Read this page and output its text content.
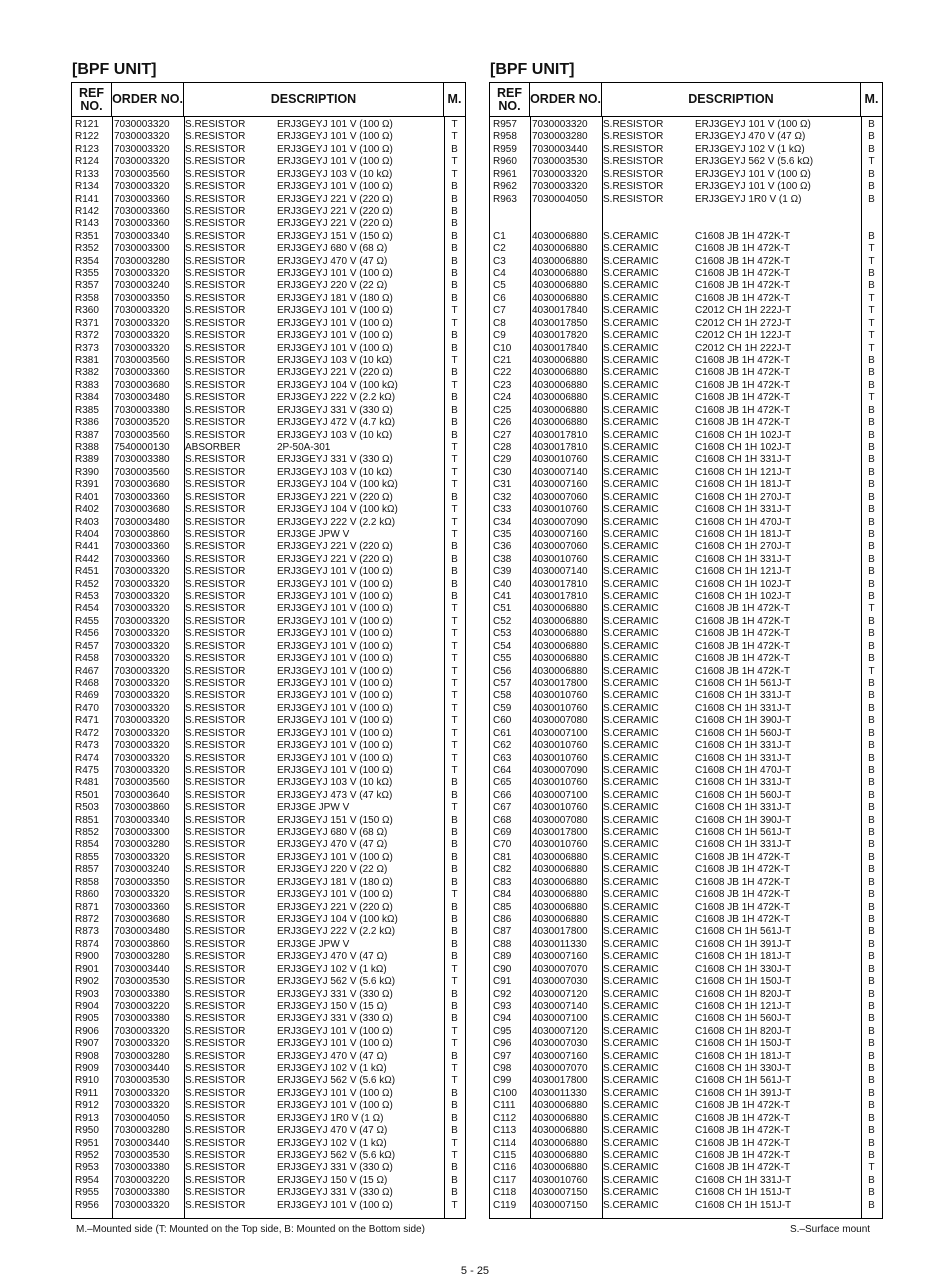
[BPF UNIT]	[BPF UNIT]
REF NO. ORDER NO.	DESCRIPTION	M.
R121 7030003320 S.RESISTOR	ERJ3GEYJ 101 V (100 Ω)	T
R122 7030003320 S.RESISTOR	ERJ3GEYJ 101 V (100 Ω)	T
R123 7030003320 S.RESISTOR	ERJ3GEYJ 101 V (100 Ω)	B
R124 7030003320 S.RESISTOR	ERJ3GEYJ 101 V (100 Ω)	T
R133 7030003560 S.RESISTOR	ERJ3GEYJ 103 V (10 kΩ)	T
R134 7030003320 S.RESISTOR	ERJ3GEYJ 101 V (100 Ω)	B
R141 7030003360 S.RESISTOR	ERJ3GEYJ 221 V (220 Ω)	B
R142 7030003360 S.RESISTOR	ERJ3GEYJ 221 V (220 Ω)	B
R143 7030003360 S.RESISTOR	ERJ3GEYJ 221 V (220 Ω)	B
R351 7030003340 S.RESISTOR	ERJ3GEYJ 151 V (150 Ω)	B
R352 7030003300 S.RESISTOR	ERJ3GEYJ 680 V (68 Ω)	B
R354 7030003280 S.RESISTOR	ERJ3GEYJ 470 V (47 Ω)	B
R355 7030003320 S.RESISTOR	ERJ3GEYJ 101 V (100 Ω)	B
R357 7030003240 S.RESISTOR	ERJ3GEYJ 220 V (22 Ω)	B
R358 7030003350 S.RESISTOR	ERJ3GEYJ 181 V (180 Ω)	B
R360 7030003320 S.RESISTOR	ERJ3GEYJ 101 V (100 Ω)	T
R371 7030003320 S.RESISTOR	ERJ3GEYJ 101 V (100 Ω)	T
R372 7030003320 S.RESISTOR	ERJ3GEYJ 101 V (100 Ω)	B
R373 7030003320 S.RESISTOR	ERJ3GEYJ 101 V (100 Ω)	B
R381 7030003560 S.RESISTOR	ERJ3GEYJ 103 V (10 kΩ)	T
R382 7030003360 S.RESISTOR	ERJ3GEYJ 221 V (220 Ω)	B
R383 7030003680 S.RESISTOR	ERJ3GEYJ 104 V (100 kΩ)	T
R384 7030003480 S.RESISTOR	ERJ3GEYJ 222 V (2.2 kΩ)	B
R385 7030003380 S.RESISTOR	ERJ3GEYJ 331 V (330 Ω)	B
R386 7030003520 S.RESISTOR	ERJ3GEYJ 472 V (4.7 kΩ)	B
R387 7030003560 S.RESISTOR	ERJ3GEYJ 103 V (10 kΩ)	B
R388 7540000130 ABSORBER	2P-50A-301	T
R389 7030003380 S.RESISTOR	ERJ3GEYJ 331 V (330 Ω)	T
R390 7030003560 S.RESISTOR	ERJ3GEYJ 103 V (10 kΩ)	T
R391 7030003680 S.RESISTOR	ERJ3GEYJ 104 V (100 kΩ)	T
R401 7030003360 S.RESISTOR	ERJ3GEYJ 221 V (220 Ω)	B
R402 7030003680 S.RESISTOR	ERJ3GEYJ 104 V (100 kΩ)	T
R403 7030003480 S.RESISTOR	ERJ3GEYJ 222 V (2.2 kΩ)	T
R404 7030003860 S.RESISTOR	ERJ3GE JPW V	T
R441 7030003360 S.RESISTOR	ERJ3GEYJ 221 V (220 Ω)	B
R442 7030003360 S.RESISTOR	ERJ3GEYJ 221 V (220 Ω)	B
R451 7030003320 S.RESISTOR	ERJ3GEYJ 101 V (100 Ω)	B
R452 7030003320 S.RESISTOR	ERJ3GEYJ 101 V (100 Ω)	B
R453 7030003320 S.RESISTOR	ERJ3GEYJ 101 V (100 Ω)	B
R454 7030003320 S.RESISTOR	ERJ3GEYJ 101 V (100 Ω)	T
R455 7030003320 S.RESISTOR	ERJ3GEYJ 101 V (100 Ω)	T
R456 7030003320 S.RESISTOR	ERJ3GEYJ 101 V (100 Ω)	T
R457 7030003320 S.RESISTOR	ERJ3GEYJ 101 V (100 Ω)	T
R458 7030003320 S.RESISTOR	ERJ3GEYJ 101 V (100 Ω)	T
R467 7030003320 S.RESISTOR	ERJ3GEYJ 101 V (100 Ω)	T
R468 7030003320 S.RESISTOR	ERJ3GEYJ 101 V (100 Ω)	T
R469 7030003320 S.RESISTOR	ERJ3GEYJ 101 V (100 Ω)	T
R470 7030003320 S.RESISTOR	ERJ3GEYJ 101 V (100 Ω)	T
R471 7030003320 S.RESISTOR	ERJ3GEYJ 101 V (100 Ω)	T
R472 7030003320 S.RESISTOR	ERJ3GEYJ 101 V (100 Ω)	T
R473 7030003320 S.RESISTOR	ERJ3GEYJ 101 V (100 Ω)	T
R474 7030003320 S.RESISTOR	ERJ3GEYJ 101 V (100 Ω)	T
R475 7030003320 S.RESISTOR	ERJ3GEYJ 101 V (100 Ω)	T
R481 7030003560 S.RESISTOR	ERJ3GEYJ 103 V (10 kΩ)	B
R501 7030003640 S.RESISTOR	ERJ3GEYJ 473 V (47 kΩ)	B
R503 7030003860 S.RESISTOR	ERJ3GE JPW V	T
R851 7030003340 S.RESISTOR	ERJ3GEYJ 151 V (150 Ω)	B
R852 7030003300 S.RESISTOR	ERJ3GEYJ 680 V (68 Ω)	B
R854 7030003280 S.RESISTOR	ERJ3GEYJ 470 V (47 Ω)	B
R855 7030003320 S.RESISTOR	ERJ3GEYJ 101 V (100 Ω)	B
R857 7030003240 S.RESISTOR	ERJ3GEYJ 220 V (22 Ω)	B
R858 7030003350 S.RESISTOR	ERJ3GEYJ 181 V (180 Ω)	B
R860 7030003320 S.RESISTOR	ERJ3GEYJ 101 V (100 Ω)	T
R871 7030003360 S.RESISTOR	ERJ3GEYJ 221 V (220 Ω)	B
R872 7030003680 S.RESISTOR	ERJ3GEYJ 104 V (100 kΩ)	B
R873 7030003480 S.RESISTOR	ERJ3GEYJ 222 V (2.2 kΩ)	B
R874 7030003860 S.RESISTOR	ERJ3GE JPW V	B
R900 7030003280 S.RESISTOR	ERJ3GEYJ 470 V (47 Ω)	B
R901 7030003440 S.RESISTOR	ERJ3GEYJ 102 V (1 kΩ)	T
R902 7030003530 S.RESISTOR	ERJ3GEYJ 562 V (5.6 kΩ)	T
R903 7030003380 S.RESISTOR	ERJ3GEYJ 331 V (330 Ω)	B
R904 7030003220 S.RESISTOR	ERJ3GEYJ 150 V (15 Ω)	B
R905 7030003380 S.RESISTOR	ERJ3GEYJ 331 V (330 Ω)	B
R906 7030003320 S.RESISTOR	ERJ3GEYJ 101 V (100 Ω)	T
R907 7030003320 S.RESISTOR	ERJ3GEYJ 101 V (100 Ω)	T
R908 7030003280 S.RESISTOR	ERJ3GEYJ 470 V (47 Ω)	B
R909 7030003440 S.RESISTOR	ERJ3GEYJ 102 V (1 kΩ)	T
R910 7030003530 S.RESISTOR	ERJ3GEYJ 562 V (5.6 kΩ)	T
R911 7030003320 S.RESISTOR	ERJ3GEYJ 101 V (100 Ω)	B
R912 7030003320 S.RESISTOR	ERJ3GEYJ 101 V (100 Ω)	B
R913 7030004050 S.RESISTOR	ERJ3GEYJ 1R0 V (1 Ω)	B
R950 7030003280 S.RESISTOR	ERJ3GEYJ 470 V (47 Ω)	B
R951 7030003440 S.RESISTOR	ERJ3GEYJ 102 V (1 kΩ)	T
R952 7030003530 S.RESISTOR	ERJ3GEYJ 562 V (5.6 kΩ)	T
R953 7030003380 S.RESISTOR	ERJ3GEYJ 331 V (330 Ω)	B
R954 7030003220 S.RESISTOR	ERJ3GEYJ 150 V (15 Ω)	B
R955 7030003380 S.RESISTOR	ERJ3GEYJ 331 V (330 Ω)	B
R956 7030003320 S.RESISTOR	ERJ3GEYJ 101 V (100 Ω)	T
REF NO. ORDER NO.	DESCRIPTION	M.
R957 7030003320 S.RESISTOR	ERJ3GEYJ 101 V (100 Ω)	B
R958 7030003280 S.RESISTOR	ERJ3GEYJ 470 V (47 Ω)	B
R959 7030003440 S.RESISTOR	ERJ3GEYJ 102 V (1 kΩ)	B
R960 7030003530 S.RESISTOR	ERJ3GEYJ 562 V (5.6 kΩ)	T
R961 7030003320 S.RESISTOR	ERJ3GEYJ 101 V (100 Ω)	B
R962 7030003320 S.RESISTOR	ERJ3GEYJ 101 V (100 Ω)	B
R963 7030004050 S.RESISTOR	ERJ3GEYJ 1R0 V (1 Ω)	B
C1	4030006880 S.CERAMIC	C1608 JB 1H 472K-T	B
C2	4030006880 S.CERAMIC	C1608 JB 1H 472K-T	T
C3	4030006880 S.CERAMIC	C1608 JB 1H 472K-T	T
C4	4030006880 S.CERAMIC	C1608 JB 1H 472K-T	B
C5	4030006880 S.CERAMIC	C1608 JB 1H 472K-T	B
C6	4030006880 S.CERAMIC	C1608 JB 1H 472K-T	T
C7	4030017840 S.CERAMIC	C2012 CH 1H 222J-T	T
C8	4030017850 S.CERAMIC	C2012 CH 1H 272J-T	T
C9	4030017820 S.CERAMIC	C2012 CH 1H 122J-T	T
C10 4030017840 S.CERAMIC	C2012 CH 1H 222J-T	T
C21 4030006880 S.CERAMIC	C1608 JB 1H 472K-T	B
C22 4030006880 S.CERAMIC	C1608 JB 1H 472K-T	B
C23 4030006880 S.CERAMIC	C1608 JB 1H 472K-T	B
C24 4030006880 S.CERAMIC	C1608 JB 1H 472K-T	T
C25 4030006880 S.CERAMIC	C1608 JB 1H 472K-T	B
C26 4030006880 S.CERAMIC	C1608 JB 1H 472K-T	B
C27 4030017810 S.CERAMIC	C1608 CH 1H 102J-T	B
C28 4030017810 S.CERAMIC	C1608 CH 1H 102J-T	B
C29 4030010760 S.CERAMIC	C1608 CH 1H 331J-T	B
C30 4030007140 S.CERAMIC	C1608 CH 1H 121J-T	B
C31 4030007160 S.CERAMIC	C1608 CH 1H 181J-T	B
C32 4030007060 S.CERAMIC	C1608 CH 1H 270J-T	B
C33 4030010760 S.CERAMIC	C1608 CH 1H 331J-T	B
C34 4030007090 S.CERAMIC	C1608 CH 1H 470J-T	B
C35 4030007160 S.CERAMIC	C1608 CH 1H 181J-T	B
C36 4030007060 S.CERAMIC	C1608 CH 1H 270J-T	B
C38 4030010760 S.CERAMIC	C1608 CH 1H 331J-T	B
C39 4030007140 S.CERAMIC	C1608 CH 1H 121J-T	B
C40 4030017810 S.CERAMIC	C1608 CH 1H 102J-T	B
C41 4030017810 S.CERAMIC	C1608 CH 1H 102J-T	B
C51 4030006880 S.CERAMIC	C1608 JB 1H 472K-T	T
C52 4030006880 S.CERAMIC	C1608 JB 1H 472K-T	B
C53 4030006880 S.CERAMIC	C1608 JB 1H 472K-T	B
C54 4030006880 S.CERAMIC	C1608 JB 1H 472K-T	B
C55 4030006880 S.CERAMIC	C1608 JB 1H 472K-T	B
C56 4030006880 S.CERAMIC	C1608 JB 1H 472K-T	T
C57 4030017800 S.CERAMIC	C1608 CH 1H 561J-T	B
C58 4030010760 S.CERAMIC	C1608 CH 1H 331J-T	B
C59 4030010760 S.CERAMIC	C1608 CH 1H 331J-T	B
C60 4030007080 S.CERAMIC	C1608 CH 1H 390J-T	B
C61 4030007100 S.CERAMIC	C1608 CH 1H 560J-T	B
C62 4030010760 S.CERAMIC	C1608 CH 1H 331J-T	B
C63 4030010760 S.CERAMIC	C1608 CH 1H 331J-T	B
C64 4030007090 S.CERAMIC	C1608 CH 1H 470J-T	B
C65 4030010760 S.CERAMIC	C1608 CH 1H 331J-T	B
C66 4030007100 S.CERAMIC	C1608 CH 1H 560J-T	B
C67 4030010760 S.CERAMIC	C1608 CH 1H 331J-T	B
C68 4030007080 S.CERAMIC	C1608 CH 1H 390J-T	B
C69 4030017800 S.CERAMIC	C1608 CH 1H 561J-T	B
C70 4030010760 S.CERAMIC	C1608 CH 1H 331J-T	B
C81 4030006880 S.CERAMIC	C1608 JB 1H 472K-T	B
C82 4030006880 S.CERAMIC	C1608 JB 1H 472K-T	B
C83 4030006880 S.CERAMIC	C1608 JB 1H 472K-T	B
C84 4030006880 S.CERAMIC	C1608 JB 1H 472K-T	B
C85 4030006880 S.CERAMIC	C1608 JB 1H 472K-T	B
C86 4030006880 S.CERAMIC	C1608 JB 1H 472K-T	B
C87 4030017800 S.CERAMIC	C1608 CH 1H 561J-T	B
C88 4030011330 S.CERAMIC	C1608 CH 1H 391J-T	B
C89 4030007160 S.CERAMIC	C1608 CH 1H 181J-T	B
C90 4030007070 S.CERAMIC	C1608 CH 1H 330J-T	B
C91 4030007030 S.CERAMIC	C1608 CH 1H 150J-T	B
C92 4030007120 S.CERAMIC	C1608 CH 1H 820J-T	B
C93 4030007140 S.CERAMIC	C1608 CH 1H 121J-T	B
C94 4030007100 S.CERAMIC	C1608 CH 1H 560J-T	B
C95 4030007120 S.CERAMIC	C1608 CH 1H 820J-T	B
C96 4030007030 S.CERAMIC	C1608 CH 1H 150J-T	B
C97 4030007160 S.CERAMIC	C1608 CH 1H 181J-T	B
C98 4030007070 S.CERAMIC	C1608 CH 1H 330J-T	B
C99 4030017800 S.CERAMIC	C1608 CH 1H 561J-T	B
C100 4030011330 S.CERAMIC	C1608 CH 1H 391J-T	B
C111 4030006880 S.CERAMIC	C1608 JB 1H 472K-T	B
C112 4030006880 S.CERAMIC	C1608 JB 1H 472K-T	B
C113 4030006880 S.CERAMIC	C1608 JB 1H 472K-T	B
C114 4030006880 S.CERAMIC	C1608 JB 1H 472K-T	B
C115 4030006880 S.CERAMIC	C1608 JB 1H 472K-T	B
C116 4030006880 S.CERAMIC	C1608 JB 1H 472K-T	T
C117 4030010760 S.CERAMIC	C1608 CH 1H 331J-T	B
C118 4030007150 S.CERAMIC	C1608 CH 1H 151J-T	B
C119 4030007150 S.CERAMIC	C1608 CH 1H 151J-T	B
M.–Mounted side (T: Mounted on the Top side, B: Mounted on the Bottom side)	S.–Surface mount
5 - 25
